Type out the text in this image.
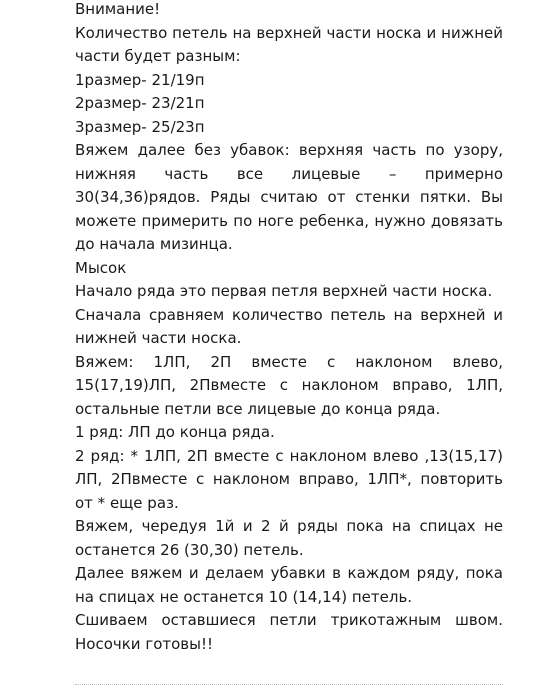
Внимание!
Количество петель на верхней части носка и нижней
части будет разным:
1размер- 21/19п
2размер- 23/21п
3размер- 25/23п
Вяжем далее без убавок: верхняя часть по узору,
нижняя часть все лицевые – примерно
30(34,36)рядов. Ряды считаю от стенки пятки. Вы
можете примерить по ноге ребенка, нужно довязать
до начала мизинца.
Мысок
Начало ряда это первая петля верхней части носка.
Сначала сравняем количество петель на верхней и
нижней части носка.
Вяжем: 1ЛП, 2П вместе с наклоном влево,
15(17,19)ЛП, 2Пвместе с наклоном вправо, 1ЛП,
остальные петли все лицевые до конца ряда.
1 ряд: ЛП до конца ряда.
2 ряд: * 1ЛП, 2П вместе с наклоном влево ,13(15,17)
ЛП, 2Пвместе с наклоном вправо, 1ЛП*, повторить
от * еще раз.
Вяжем, чередуя 1й и 2 й ряды пока на спицах не
останется 26 (30,30) петель.
Далее вяжем и делаем убавки в каждом ряду, пока
на спицах не останется 10 (14,14) петель.
Сшиваем оставшиеся петли трикотажным швом.
Носочки готовы!!
